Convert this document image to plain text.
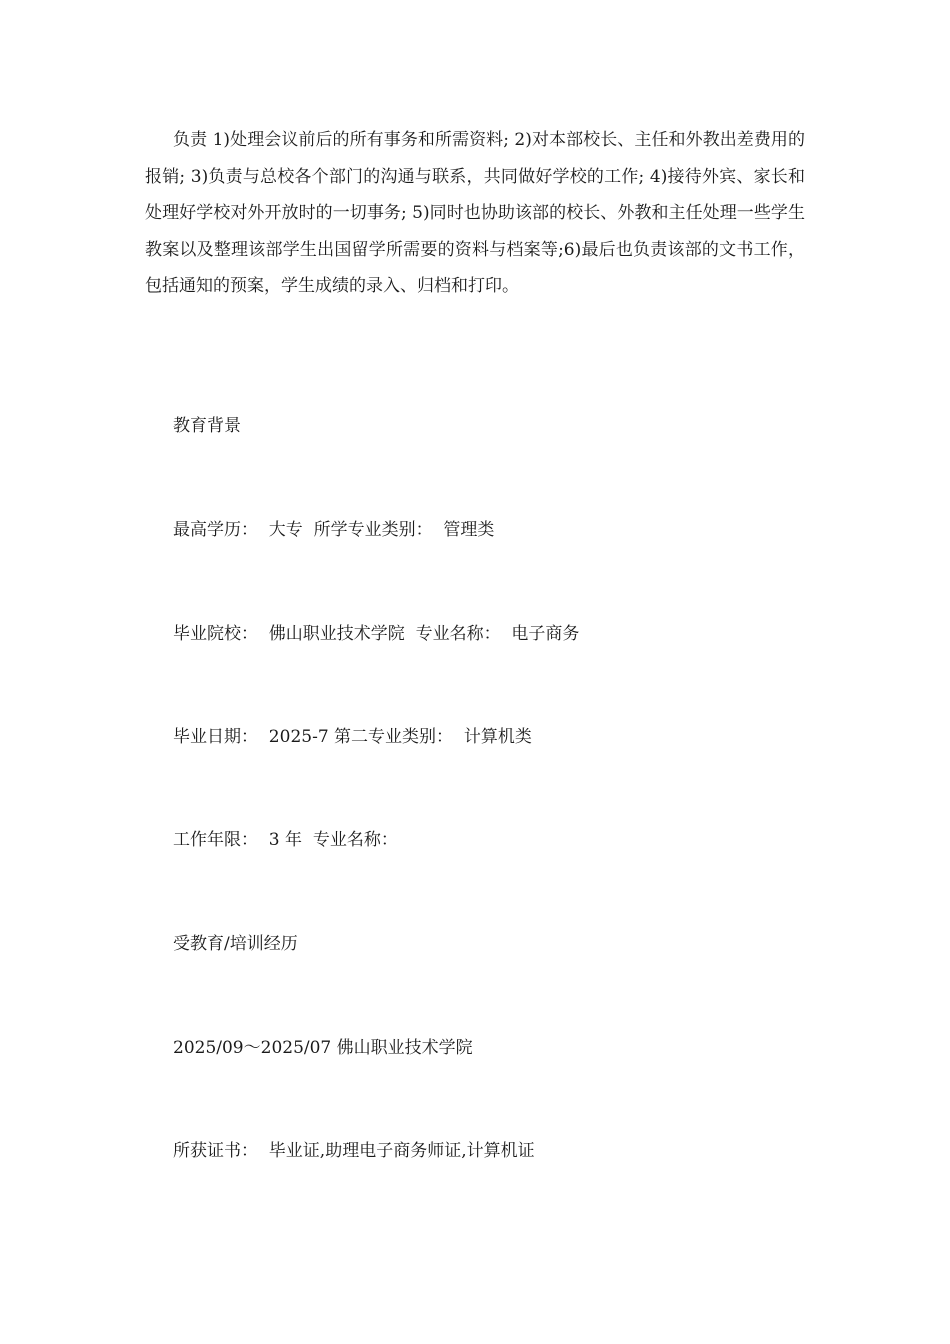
负责 1)处理会议前后的所有事务和所需资料; 2)对本部校长、主任和外教出差费用的报销; 3)负责与总校各个部门的沟通与联系，共同做好学校的工作; 4)接待外宾、家长和处理好学校对外开放时的一切事务; 5)同时也协助该部的校长、外教和主任处理一些学生教案以及整理该部学生出国留学所需要的资料与档案等;6)最后也负责该部的文书工作，包括通知的预案，学生成绩的录入、归档和打印。

教育背景

最高学历：  大专  所学专业类别：  管理类

毕业院校：  佛山职业技术学院  专业名称：  电子商务

毕业日期：  2025-7 第二专业类别：  计算机类

工作年限：  3 年  专业名称：

受教育/培训经历

2025/09～2025/07 佛山职业技术学院

所获证书：  毕业证,助理电子商务师证,计算机证
